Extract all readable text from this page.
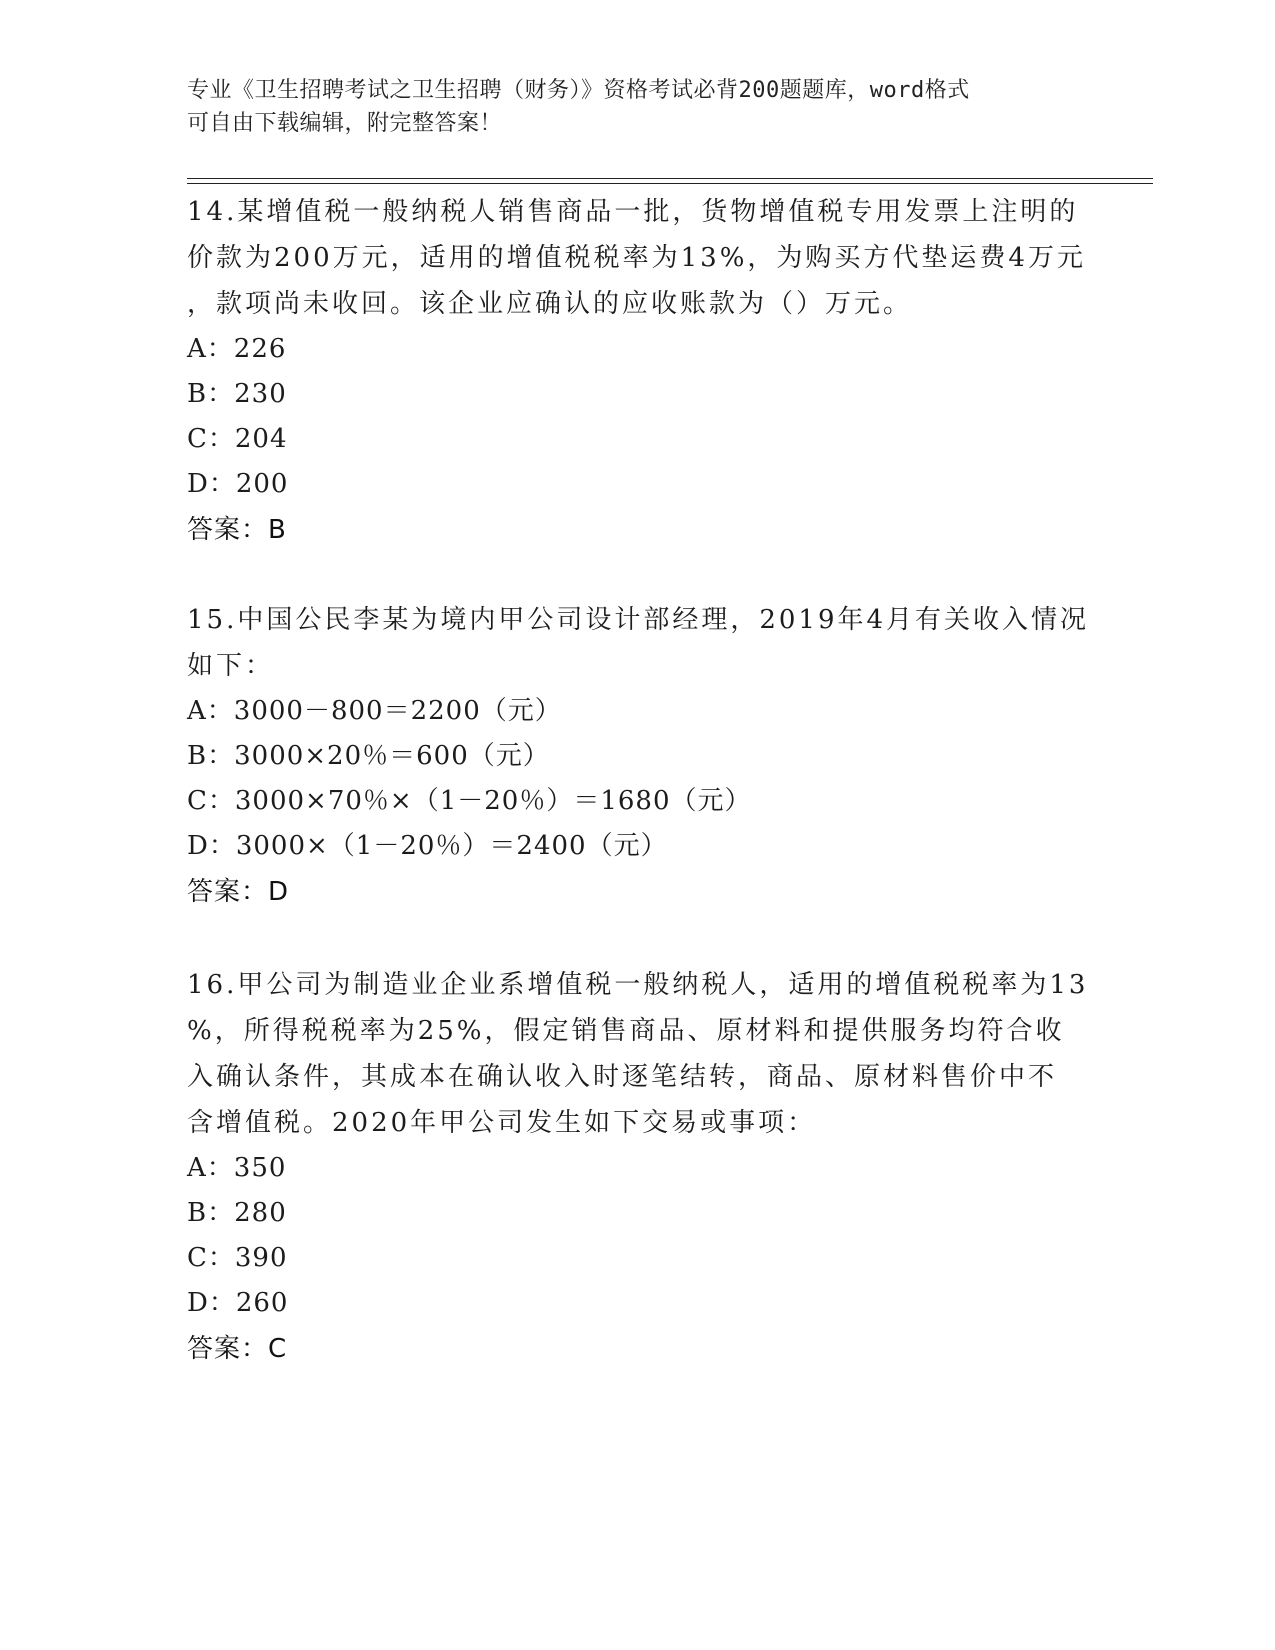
专业《卫生招聘考试之卫生招聘（财务）》资格考试必背200题题库，word格式
可自由下载编辑，附完整答案！
14.某增值税一般纳税人销售商品一批，货物增值税专用发票上注明的
价款为200万元，适用的增值税税率为13%，为购买方代垫运费4万元
，款项尚未收回。该企业应确认的应收账款为（）万元。
A：226
B：230
C：204
D：200
答案：B
15.中国公民李某为境内甲公司设计部经理，2019年4月有关收入情况
如下：
A：3000－800＝2200（元）
B：3000×20％＝600（元）
C：3000×70％×（1－20％）＝1680（元）
D：3000×（1－20％）＝2400（元）
答案：D
16.甲公司为制造业企业系增值税一般纳税人，适用的增值税税率为13
%，所得税税率为25%，假定销售商品、原材料和提供服务均符合收
入确认条件，其成本在确认收入时逐笔结转，商品、原材料售价中不
含增值税。2020年甲公司发生如下交易或事项：
A：350
B：280
C：390
D：260
答案：C
